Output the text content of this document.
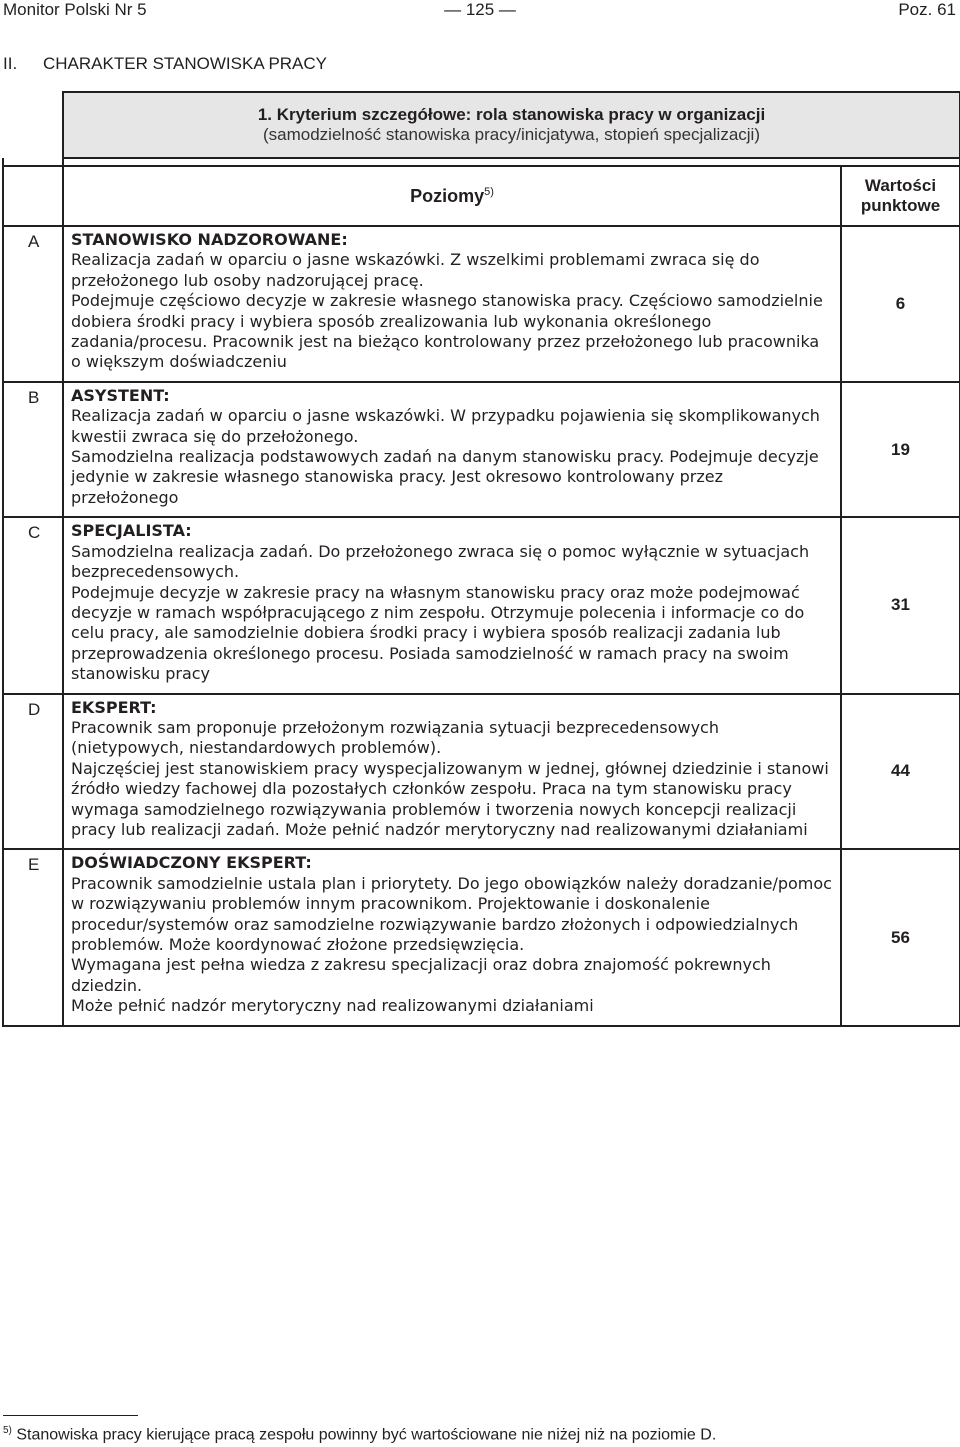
Monitor Polski Nr 5	— 125 —	Poz. 61
II. CHARAKTER STANOWISKA PRACY

	1. Kryterium szczegółowe: rola stanowiska pracy w organizacji
(samodzielność stanowiska pracy/inicjatywa, stopień specjalizacji)	

	Poziomy$^{5)}$	Wartości punktowe
A	STANOWISKO NADZOROWANE:

Realizacja zadań w oparciu o jasne wskazówki. Z wszelkimi problemami zwraca się do przełożonego lub osoby nadzorującej pracę.

Podejmuje częściowo decyzje w zakresie własnego stanowiska pracy. Częściowo samodzielnie dobiera środki pracy i wybiera sposób zrealizowania lub wykonania określonego zadania/procesu. Pracownik jest na bieżąco kontrolowany przez przełożonego lub pracownika o większym doświadczeniu	6
B	ASYSTENT:

Realizacja zadań w oparciu o jasne wskazówki. W przypadku pojawienia się skomplikowanych kwestii zwraca się do przełożonego.

Samodzielna realizacja podstawowych zadań na danym stanowisku pracy. Podejmuje decyzje jedynie w zakresie własnego stanowiska pracy. Jest okresowo kontrolowany przez przełożonego	19
C	SPECJALISTA:

Samodzielna realizacja zadań. Do przełożonego zwraca się o pomoc wyłącznie w sytuacjach bezprecedensowych.

Podejmuje decyzje w zakresie pracy na własnym stanowisku pracy oraz może podejmować decyzje w ramach współpracującego z nim zespołu. Otrzymuje polecenia i informacje co do celu pracy, ale samodzielnie dobiera środki pracy i wybiera sposób realizacji zadania lub przeprowadzenia określonego procesu. Posiada samodzielność w ramach pracy na swoim stanowisku pracy	31
D	EKSPERT:

Pracownik sam proponuje przełożonym rozwiązania sytuacji bezprecedensowych (nietypowych, niestandardowych problemów).

Najczęściej jest stanowiskiem pracy wyspecjalizowanym w jednej, głównej dziedzinie i stanowi źródło wiedzy fachowej dla pozostałych członków zespołu. Praca na tym stanowisku pracy wymaga samodzielnego rozwiązywania problemów i tworzenia nowych koncepcji realizacji pracy lub realizacji zadań. Może pełnić nadzór merytoryczny nad realizowanymi działaniami	44
E	DOŚWIADCZONY EKSPERT:

Pracownik samodzielnie ustala plan i priorytety. Do jego obowiązków należy doradzanie/pomoc w rozwiązywaniu problemów innym pracownikom. Projektowanie i doskonalenie procedur/systemów oraz samodzielne rozwiązywanie bardzo złożonych i odpowiedzialnych problemów. Może koordynować złożone przedsięwzięcia.

Wymagana jest pełna wiedza z zakresu specjalizacji oraz dobra znajomość pokrewnych dziedzin.

Może pełnić nadzór merytoryczny nad realizowanymi działaniami	56
$^{5)}$ Stanowiska pracy kierujące pracą zespołu powinny być wartościowane nie niżej niż na poziomie D.
